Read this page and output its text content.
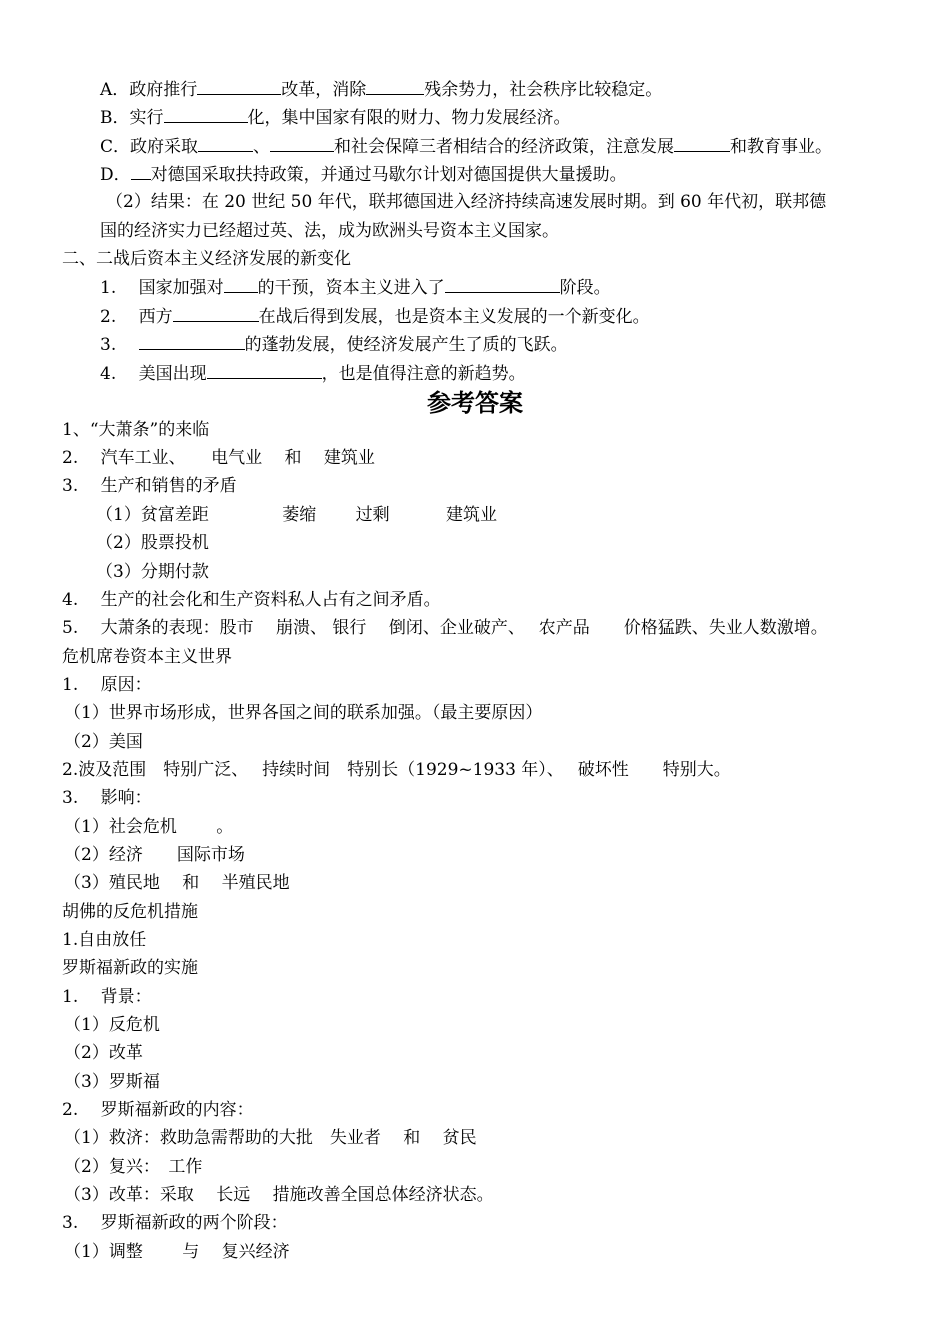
A．政府推行	改革，消除	残余势力，社会秩序比较稳定。
B．实行	化，集中国家有限的财力、物力发展经济。
C．政府采取	、	和社会保障三者相结合的经济政策，注意发展	和教育事业。
D． 对德国采取扶持政策，并通过马歇尔计划对德国提供大量援助。
（2）结果：在 20 世纪 50 年代，联邦德国进入经济持续高速发展时期。到 60 年代初，联邦德
国的经济实力已经超过英、法，成为欧洲头号资本主义国家。
二、二战后资本主义经济发展的新变化
1.　 国家加强对 的干预，资本主义进入了	阶段。
2.　 西方	在战后得到发展，也是资本主义发展的一个新变化。
3.　	的蓬勃发展，使经济发展产生了质的飞跃。
4.　 美国出现	，也是值得注意的新趋势。
参考答案
1、“大萧条”的来临
2.　 汽车工业、　　电气业　 和　 建筑业
3.　 生产和销售的矛盾
（1）贫富差距　　　　 萎缩　　 过剩　　　 建筑业
（2）股票投机
（3）分期付款
4.　 生产的社会化和生产资料私人占有之间矛盾。
5.　 大萧条的表现：股市　 崩溃、 银行　 倒闭、企业破产、　 农产品　　价格猛跌、失业人数激增。
危机席卷资本主义世界
1.　 原因：
（1）世界市场形成，世界各国之间的联系加强。（最主要原因）
（2）美国
2.波及范围　特别广泛、　 持续时间　特别长（1929~1933 年）、　 破坏性　　特别大。
3.　 影响：
（1）社会危机　　 。
（2）经济　　国际市场
（3）殖民地　 和　 半殖民地
胡佛的反危机措施
1.自由放任
罗斯福新政的实施
1.　 背景：
（1）反危机
（2）改革
（3）罗斯福
2.　 罗斯福新政的内容：
（1）救济：救助急需帮助的大批　失业者　 和　 贫民
（2）复兴：　工作
（3）改革：采取　 长远　 措施改善全国总体经济状态。
3.　 罗斯福新政的两个阶段：
（1）调整　　 与　 复兴经济
